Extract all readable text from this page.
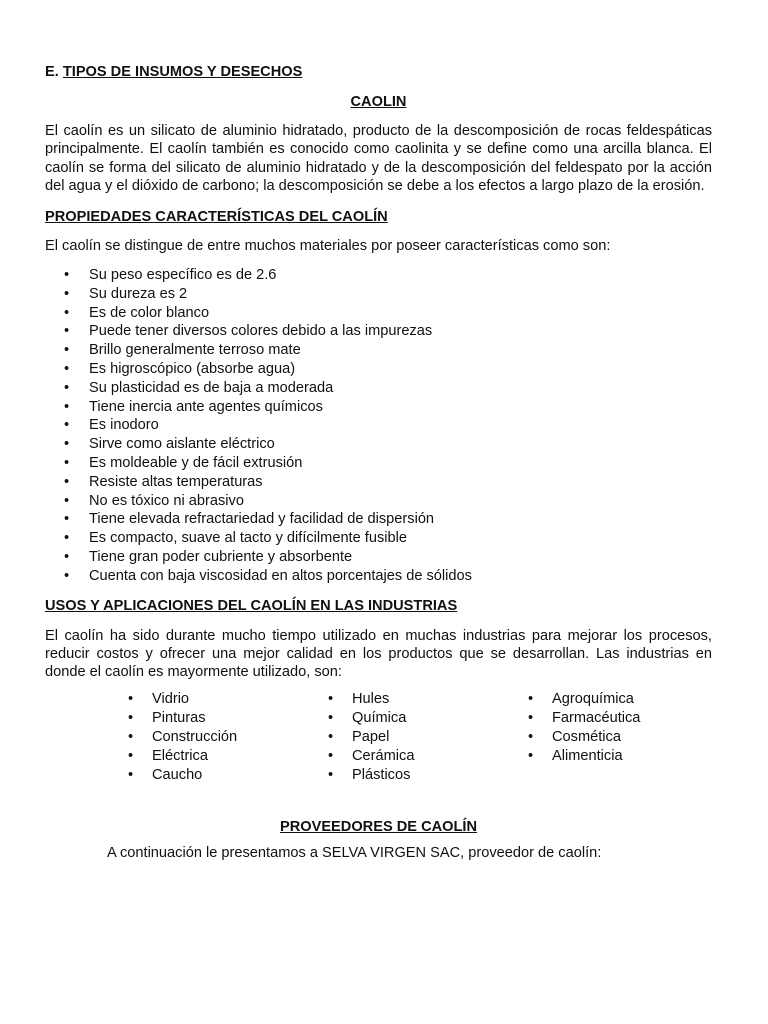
E. TIPOS DE INSUMOS Y DESECHOS

CAOLIN

El caolín es un silicato de aluminio hidratado, producto de la descomposición de rocas feldespáticas principalmente. El caolín también es conocido como caolinita y se define como una arcilla blanca. El caolín se forma del silicato de aluminio hidratado y de la descomposición del feldespato por la acción del agua y el dióxido de carbono; la descomposición se debe a los efectos a largo plazo de la erosión.

PROPIEDADES CARACTERÍSTICAS DEL CAOLÍN

El caolín se distingue de entre muchos materiales por poseer características como son:

• Su peso específico es de 2.6
• Su dureza es 2
• Es de color blanco
• Puede tener diversos colores debido a las impurezas
• Brillo generalmente terroso mate
• Es higroscópico (absorbe agua)
• Su plasticidad es de baja a moderada
• Tiene inercia ante agentes químicos
• Es inodoro
• Sirve como aislante eléctrico
• Es moldeable y de fácil extrusión
• Resiste altas temperaturas
• No es tóxico ni abrasivo
• Tiene elevada refractariedad y facilidad de dispersión
• Es compacto, suave al tacto y difícilmente fusible
• Tiene gran poder cubriente y absorbente
• Cuenta con baja viscosidad en altos porcentajes de sólidos

USOS Y APLICACIONES DEL CAOLÍN EN LAS INDUSTRIAS

El caolín ha sido durante mucho tiempo utilizado en muchas industrias para mejorar los procesos, reducir costos y ofrecer una mejor calidad en los productos que se desarrollan. Las industrias en donde el caolín es mayormente utilizado, son:

• Vidrio
• Pinturas
• Construcción
• Eléctrica
• Caucho
• Hules
• Química
• Papel
• Cerámica
• Plásticos
• Agroquímica
• Farmacéutica
• Cosmética
• Alimenticia

PROVEEDORES DE CAOLÍN

A continuación le presentamos a SELVA VIRGEN SAC, proveedor de caolín:
